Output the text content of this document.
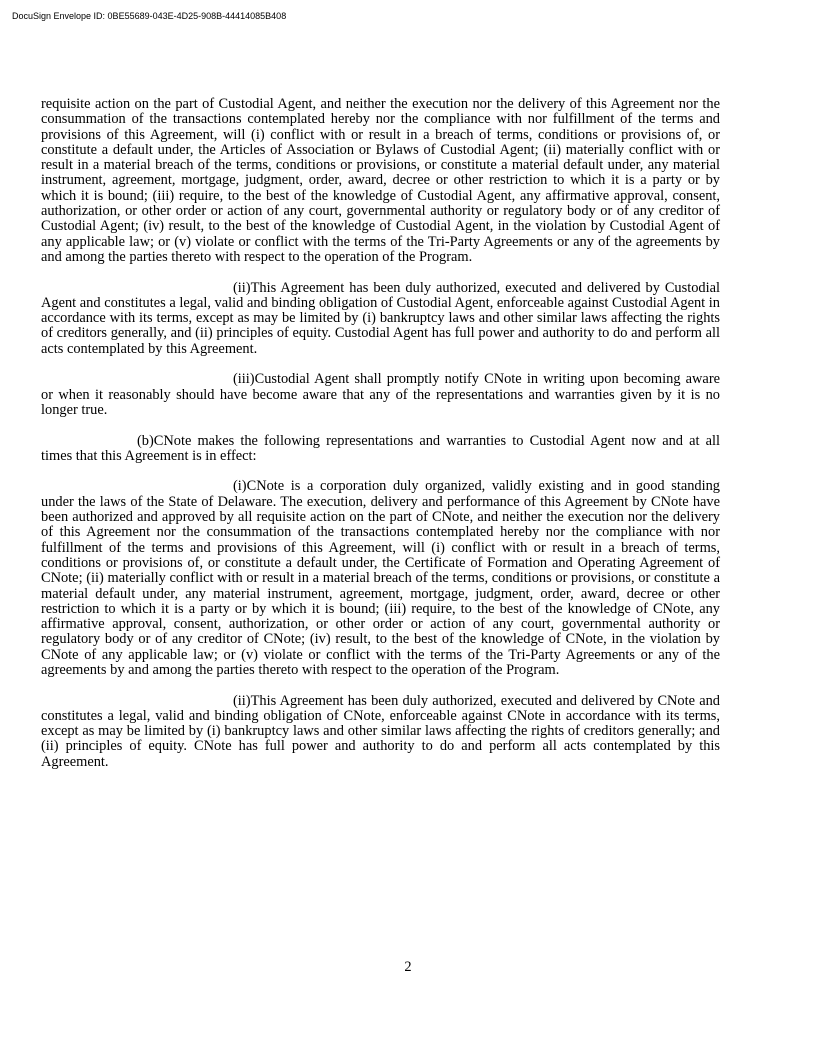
DocuSign Envelope ID: 0BE55689-043E-4D25-908B-44414085B408

requisite action on the part of Custodial Agent, and neither the execution nor the delivery of this Agreement nor the consummation of the transactions contemplated hereby nor the compliance with nor fulfillment of the terms and provisions of this Agreement, will (i) conflict with or result in a breach of terms, conditions or provisions of, or constitute a default under, the Articles of Association or Bylaws of Custodial Agent; (ii) materially conflict with or result in a material breach of the terms, conditions or provisions, or constitute a material default under, any material instrument, agreement, mortgage, judgment, order, award, decree or other restriction to which it is a party or by which it is bound; (iii) require, to the best of the knowledge of Custodial Agent, any affirmative approval, consent, authorization, or other order or action of any court, governmental authority or regulatory body or of any creditor of Custodial Agent; (iv) result, to the best of the knowledge of Custodial Agent, in the violation by Custodial Agent of any applicable law; or (v) violate or conflict with the terms of the Tri-Party Agreements or any of the agreements by and among the parties thereto with respect to the operation of the Program.

(ii)This Agreement has been duly authorized, executed and delivered by Custodial Agent and constitutes a legal, valid and binding obligation of Custodial Agent, enforceable against Custodial Agent in accordance with its terms, except as may be limited by (i) bankruptcy laws and other similar laws affecting the rights of creditors generally, and (ii) principles of equity. Custodial Agent has full power and authority to do and perform all acts contemplated by this Agreement.

(iii)Custodial Agent shall promptly notify CNote in writing upon becoming aware or when it reasonably should have become aware that any of the representations and warranties given by it is no longer true.

(b)CNote makes the following representations and warranties to Custodial Agent now and at all times that this Agreement is in effect:

(i)CNote is a corporation duly organized, validly existing and in good standing under the laws of the State of Delaware. The execution, delivery and performance of this Agreement by CNote have been authorized and approved by all requisite action on the part of CNote, and neither the execution nor the delivery of this Agreement nor the consummation of the transactions contemplated hereby nor the compliance with nor fulfillment of the terms and provisions of this Agreement, will (i) conflict with or result in a breach of terms, conditions or provisions of, or constitute a default under, the Certificate of Formation and Operating Agreement of CNote; (ii) materially conflict with or result in a material breach of the terms, conditions or provisions, or constitute a material default under, any material instrument, agreement, mortgage, judgment, order, award, decree or other restriction to which it is a party or by which it is bound; (iii) require, to the best of the knowledge of CNote, any affirmative approval, consent, authorization, or other order or action of any court, governmental authority or regulatory body or of any creditor of CNote; (iv) result, to the best of the knowledge of CNote, in the violation by CNote of any applicable law; or (v) violate or conflict with the terms of the Tri-Party Agreements or any of the agreements by and among the parties thereto with respect to the operation of the Program.

(ii)This Agreement has been duly authorized, executed and delivered by CNote and constitutes a legal, valid and binding obligation of CNote, enforceable against CNote in accordance with its terms, except as may be limited by (i) bankruptcy laws and other similar laws affecting the rights of creditors generally; and (ii) principles of equity. CNote has full power and authority to do and perform all acts contemplated by this Agreement.

2
